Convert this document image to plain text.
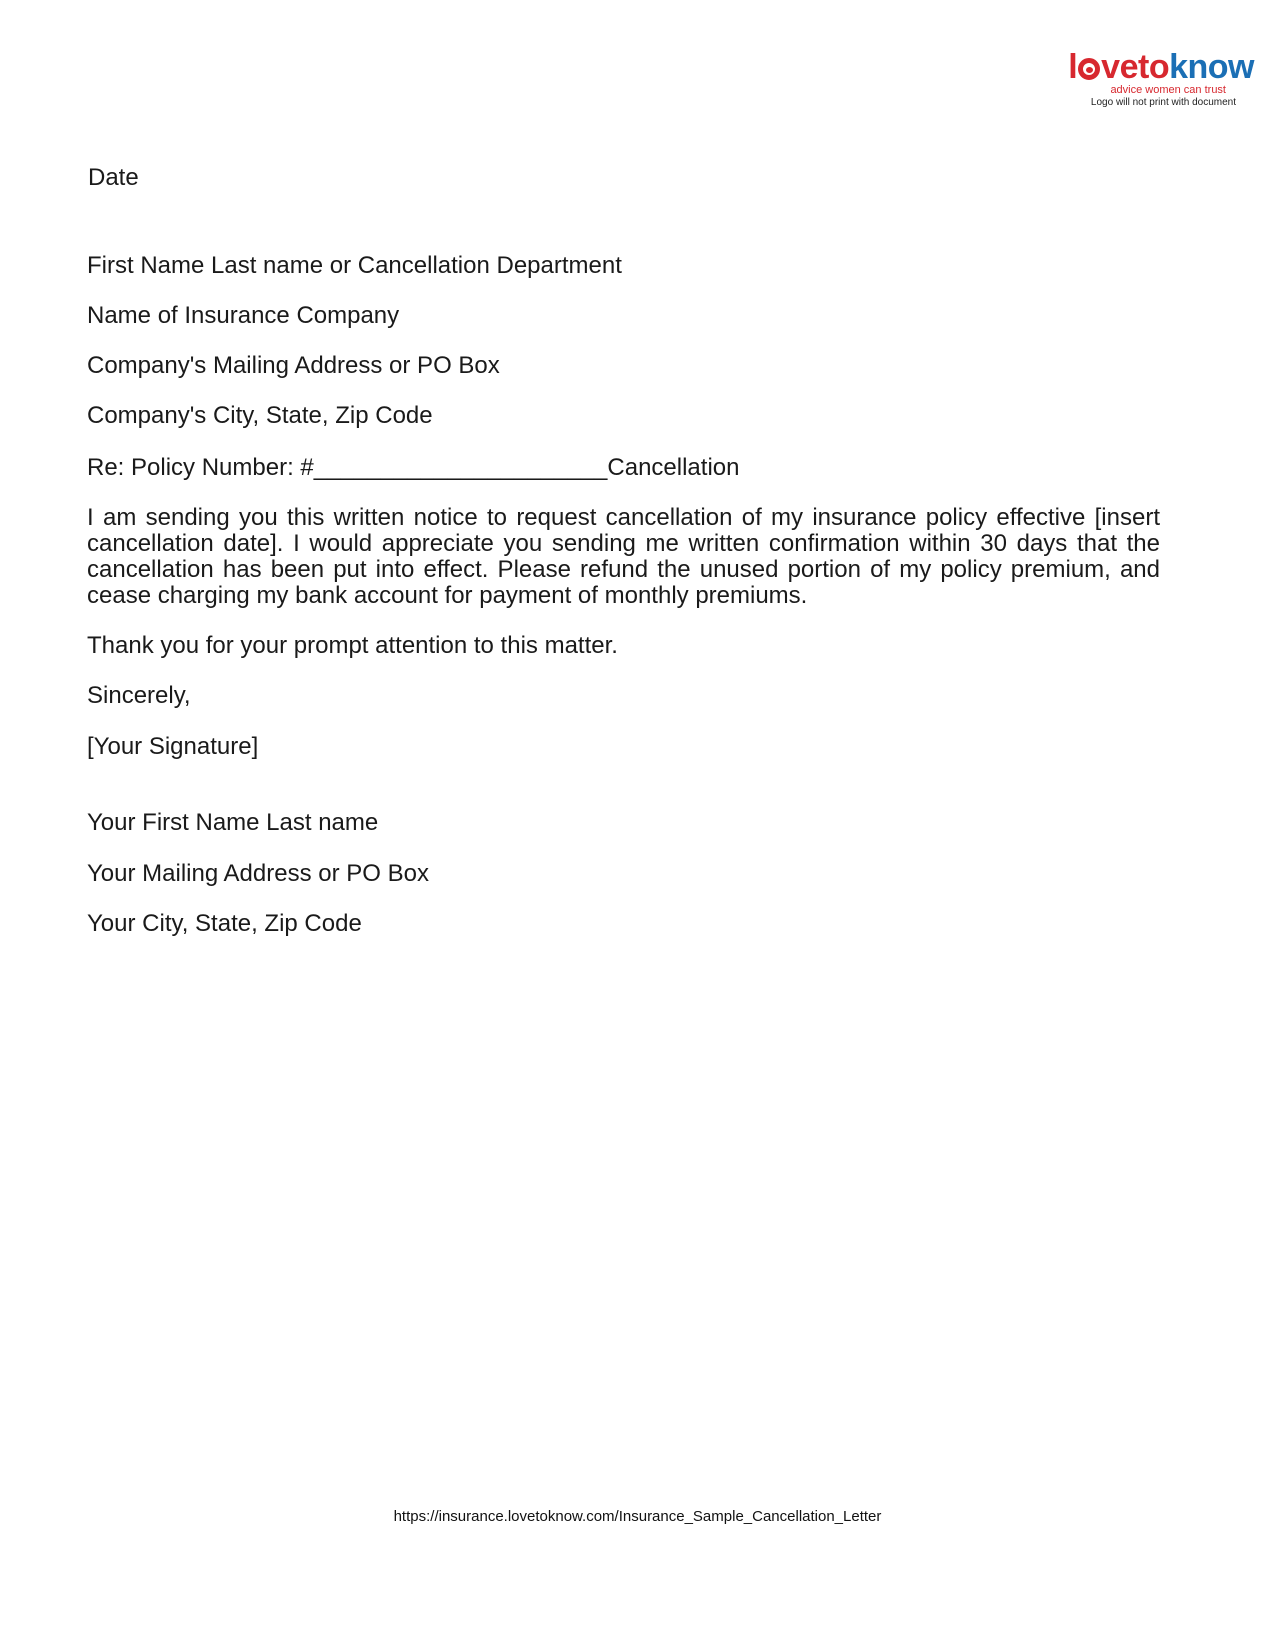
l vetoknow
advice women can trust
Logo will not print with document
Date
First Name Last name or Cancellation Department
Name of Insurance Company
Company's Mailing Address or PO Box
Company's City, State, Zip Code
Re: Policy Number: #______________________Cancellation
I am sending you this written notice to request cancellation of my insurance policy effective [insert cancellation date]. I would appreciate you sending me written confirmation within 30 days that the cancellation has been put into effect. Please refund the unused portion of my policy premium, and cease charging my bank account for payment of monthly premiums.
Thank you for your prompt attention to this matter.
Sincerely,
[Your Signature]
Your First Name Last name
Your Mailing Address or PO Box
Your City, State, Zip Code
https://insurance.lovetoknow.com/Insurance_Sample_Cancellation_Letter
